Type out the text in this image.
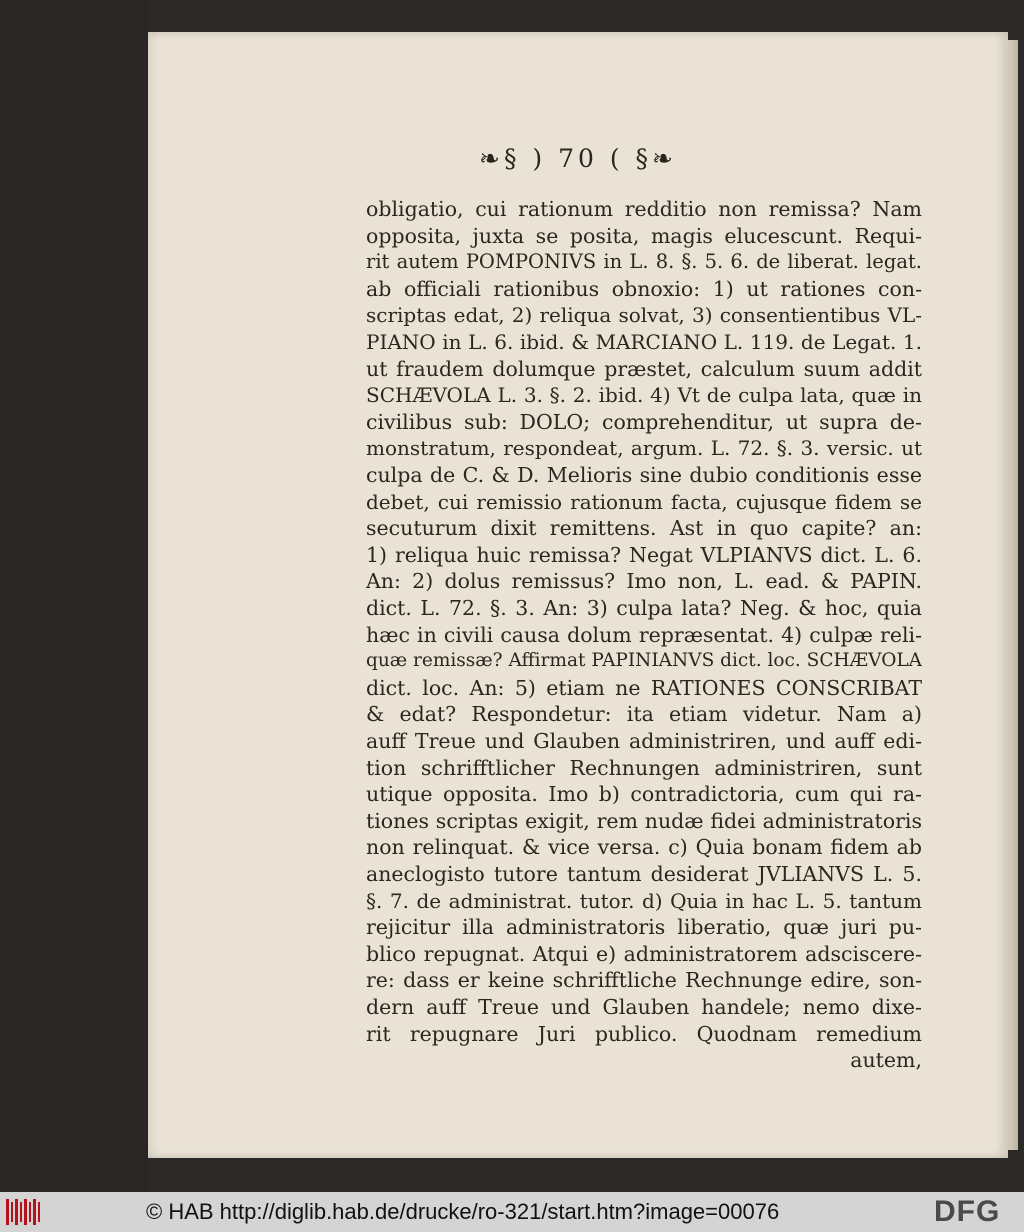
❧§ ) 70 ( §❧
obligatio, cui rationum redditio non remissa? Nam
opposita, juxta se posita, magis elucescunt. Requi-
rit autem POMPONIVS in L. 8. §. 5. 6. de liberat. legat.
ab officiali rationibus obnoxio: 1) ut rationes con-
scriptas edat, 2) reliqua solvat, 3) consentientibus VL-
PIANO in L. 6. ibid. & MARCIANO L. 119. de Legat. 1.
ut fraudem dolumque præstet, calculum suum addit
SCHÆVOLA L. 3. §. 2. ibid. 4) Vt de culpa lata, quæ in
civilibus sub: DOLO; comprehenditur, ut supra de-
monstratum, respondeat, argum. L. 72. §. 3. versic. ut
culpa de C. & D. Melioris sine dubio conditionis esse
debet, cui remissio rationum facta, cujusque fidem se
secuturum dixit remittens. Ast in quo capite? an:
1) reliqua huic remissa? Negat VLPIANVS dict. L. 6.
An: 2) dolus remissus? Imo non, L. ead. & PAPIN.
dict. L. 72. §. 3. An: 3) culpa lata? Neg. & hoc, quia
hæc in civili causa dolum repræsentat. 4) culpæ reli-
quæ remissæ? Affirmat PAPINIANVS dict. loc. SCHÆVOLA
dict. loc. An: 5) etiam ne RATIONES CONSCRIBAT
& edat? Respondetur: ita etiam videtur. Nam a)
auff Treue und Glauben administriren, und auff edi-
tion schrifftlicher Rechnungen administriren, sunt
utique opposita. Imo b) contradictoria, cum qui ra-
tiones scriptas exigit, rem nudæ fidei administratoris
non relinquat. & vice versa. c) Quia bonam fidem ab
aneclogisto tutore tantum desiderat JVLIANVS L. 5.
§. 7. de administrat. tutor. d) Quia in hac L. 5. tantum
rejicitur illa administratoris liberatio, quæ juri pu-
blico repugnat. Atqui e) administratorem adsciscere-
re: dass er keine schrifftliche Rechnunge edire, son-
dern auff Treue und Glauben handele; nemo dixe-
rit repugnare Juri publico. Quodnam remedium
autem,
© HAB http://diglib.hab.de/drucke/ro-321/start.htm?image=00076	DFG
